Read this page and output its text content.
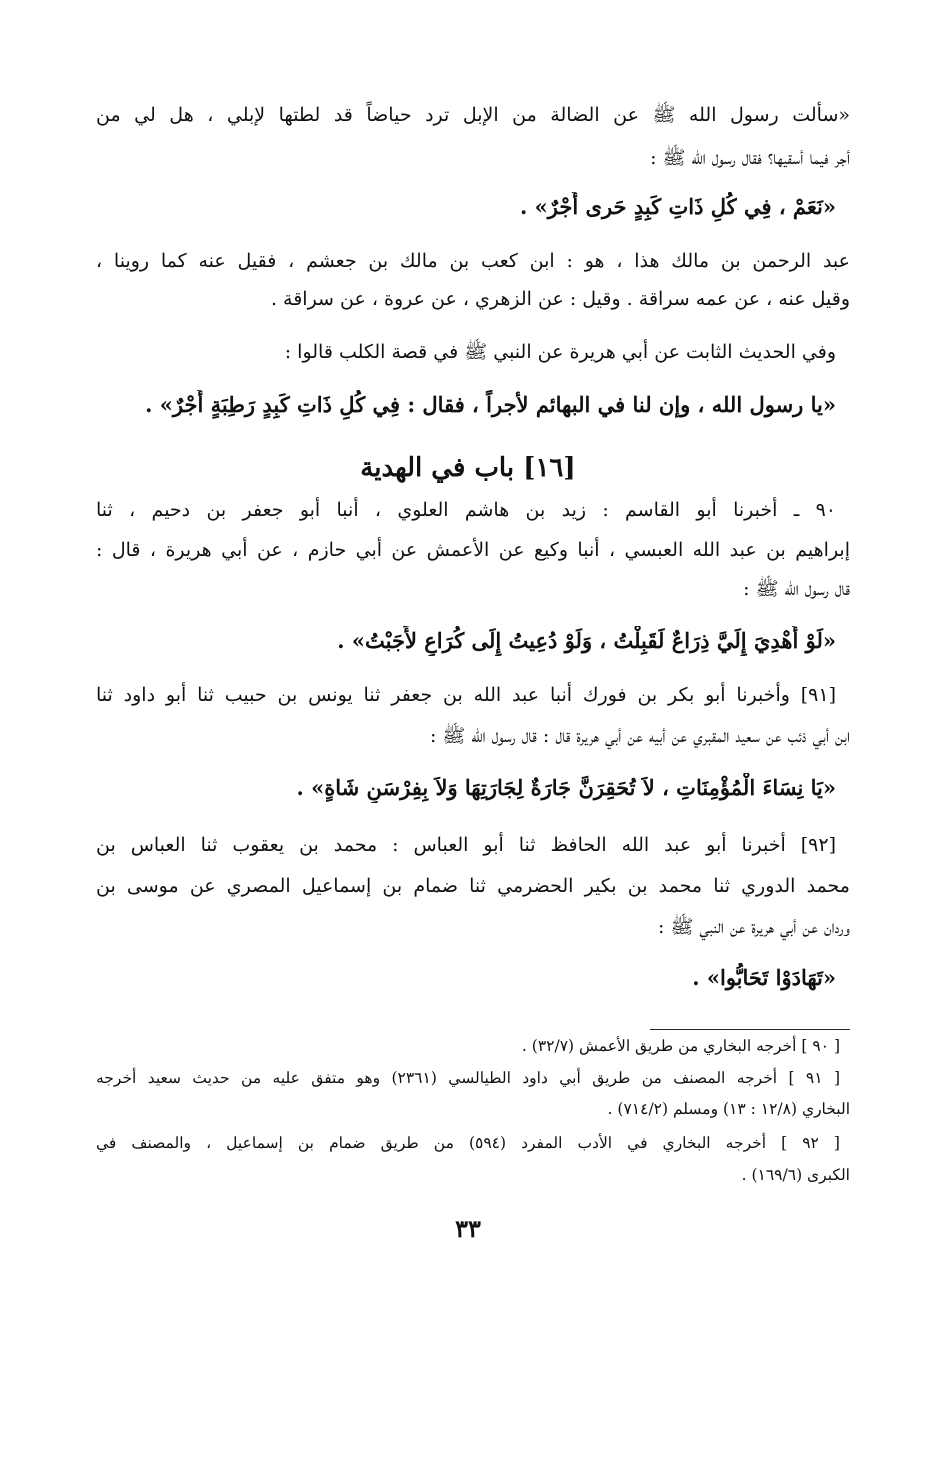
«سألت رسول الله ﷺ عن الضالة من الإبل ترد حياضاً قد لطتها لإبلي ، هل لي من
أجر فيما أسقيها؟ فقال رسول الله ﷺ :
«نَعَمْ ، فِي كُلِ ذَاتِ كَبِدٍ حَرى أَجْرٌ» .
عبد الرحمن بن مالك هذا ، هو : ابن كعب بن مالك بن جعشم ، فقيل عنه كما روينا ،
وقيل عنه ، عن عمه سراقة . وقيل : عن الزهري ، عن عروة ، عن سراقة .
وفي الحديث الثابت عن أبي هريرة عن النبي ﷺ في قصة الكلب قالوا :
«يا رسول الله ، وإن لنا في البهائم لأجراً ، فقال : فِي كُلِ ذَاتِ كَبِدٍ رَطِبَةٍ أَجْرٌ» .
[١٦] باب في الهدية
٩٠ ـ أخبرنا أبو القاسم : زيد بن هاشم العلوي ، أنبا أبو جعفر بن دحيم ، ثنا
إبراهيم بن عبد الله العبسي ، أنبا وكيع عن الأعمش عن أبي حازم ، عن أبي هريرة ، قال :
قال رسول الله ﷺ :
«لَوْ أُهْدِيَ إِلَيَّ ذِرَاعٌ لَقَبِلْتُ ، وَلَوْ دُعِيتُ إِلَى كُرَاعٍ لأَجَبْتُ» .
[٩١] وأخبرنا أبو بكر بن فورك أنبا عبد الله بن جعفر ثنا يونس بن حبيب ثنا أبو داود ثنا
ابن أبي ذئب عن سعيد المقبري عن أبيه عن أبي هريرة قال : قال رسول الله ﷺ :
«يَا نِسَاءَ الْمُؤْمِنَاتِ ، لاَ تُحَقِرَنَّ جَارَةٌ لِجَارَتِهَا وَلاَ بِفِرْسَنِ شَاةٍ» .
[٩٢] أخبرنا أبو عبد الله الحافظ ثنا أبو العباس : محمد بن يعقوب ثنا العباس بن
محمد الدوري ثنا محمد بن بكير الحضرمي ثنا ضمام بن إسماعيل المصري عن موسى بن
وردان عن أبي هريرة عن النبي ﷺ :
«تَهَادَوْا تَحَابُّوا» .
[ ٩٠ ] أخرجه البخاري من طريق الأعمش (٣٢/٧) .
[ ٩١ ] أخرجه المصنف من طريق أبي داود الطيالسي (٢٣٦١) وهو متفق عليه من حديث سعيد أخرجه
البخاري (١٢/٨ : ١٣) ومسلم (٧١٤/٢) .
[ ٩٢ ] أخرجه البخاري في الأدب المفرد (٥٩٤) من طريق ضمام بن إسماعيل ، والمصنف في
الكبرى (١٦٩/٦) .
٣٣
